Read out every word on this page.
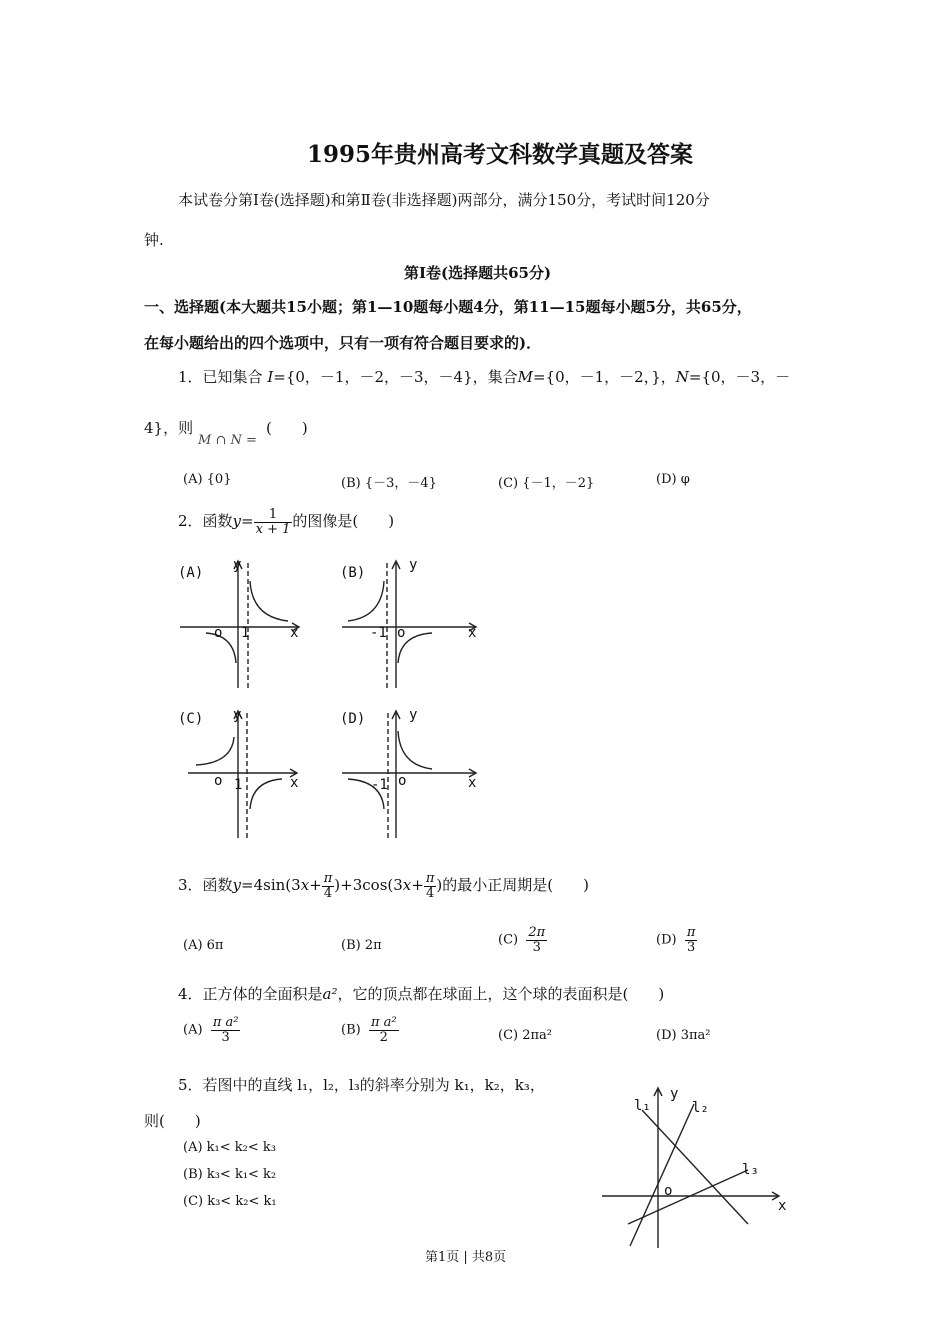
1995年贵州高考文科数学真题及答案
本试卷分第Ⅰ卷(选择题)和第Ⅱ卷(非选择题)两部分，满分150分，考试时间120分
钟.
第Ⅰ卷(选择题共65分)
一、选择题(本大题共15小题；第1—10题每小题4分，第11—15题每小题5分，共65分，
在每小题给出的四个选项中，只有一项有符合题目要求的)．
1．已知集合 I={0，－1，－2，－3，－4}，集合M={0，－1，－2，}，N={0，－3，－
4}，则
M ∩ N =
(　　)
(A) {0}	(B) {－3，－4}	(C) {－1，－2}	(D) φ
2．函数$y= \frac{1}{x + 1}$ 的图像是(　　)
(A)
o 1	x
y	(B)
o
-1	x
y
(C)
o 1	x
y	(D)
o
-1	x
y
3．函数$y=4\sin(3x+ \frac{\pi}{4} )+3\cos(3x+ \frac{\pi}{4}$ )的最小正周期是(　　)
(A) 6π	(B) 2π	$(C) \frac{2\pi}{3}$	$(D) \frac{\pi}{3}$
4．正方体的全面积是a²，它的顶点都在球面上，这个球的表面积是(　　)
$(A) \frac{\text{π a²}}{3}$	$(B) \frac{\text{π a²}}{2}$	(C) 2πa²	(D) 3πa²
5．若图中的直线 l₁，l₂，l₃的斜率分别为 k₁，k₂，k₃，
则(　　)
(A) k₁< k₂< k₃
(B) k₃< k₁< k₂
(C) k₃< k₂< k₁
l₁	l₂
l₃
o
x
y
第1页 | 共8页
